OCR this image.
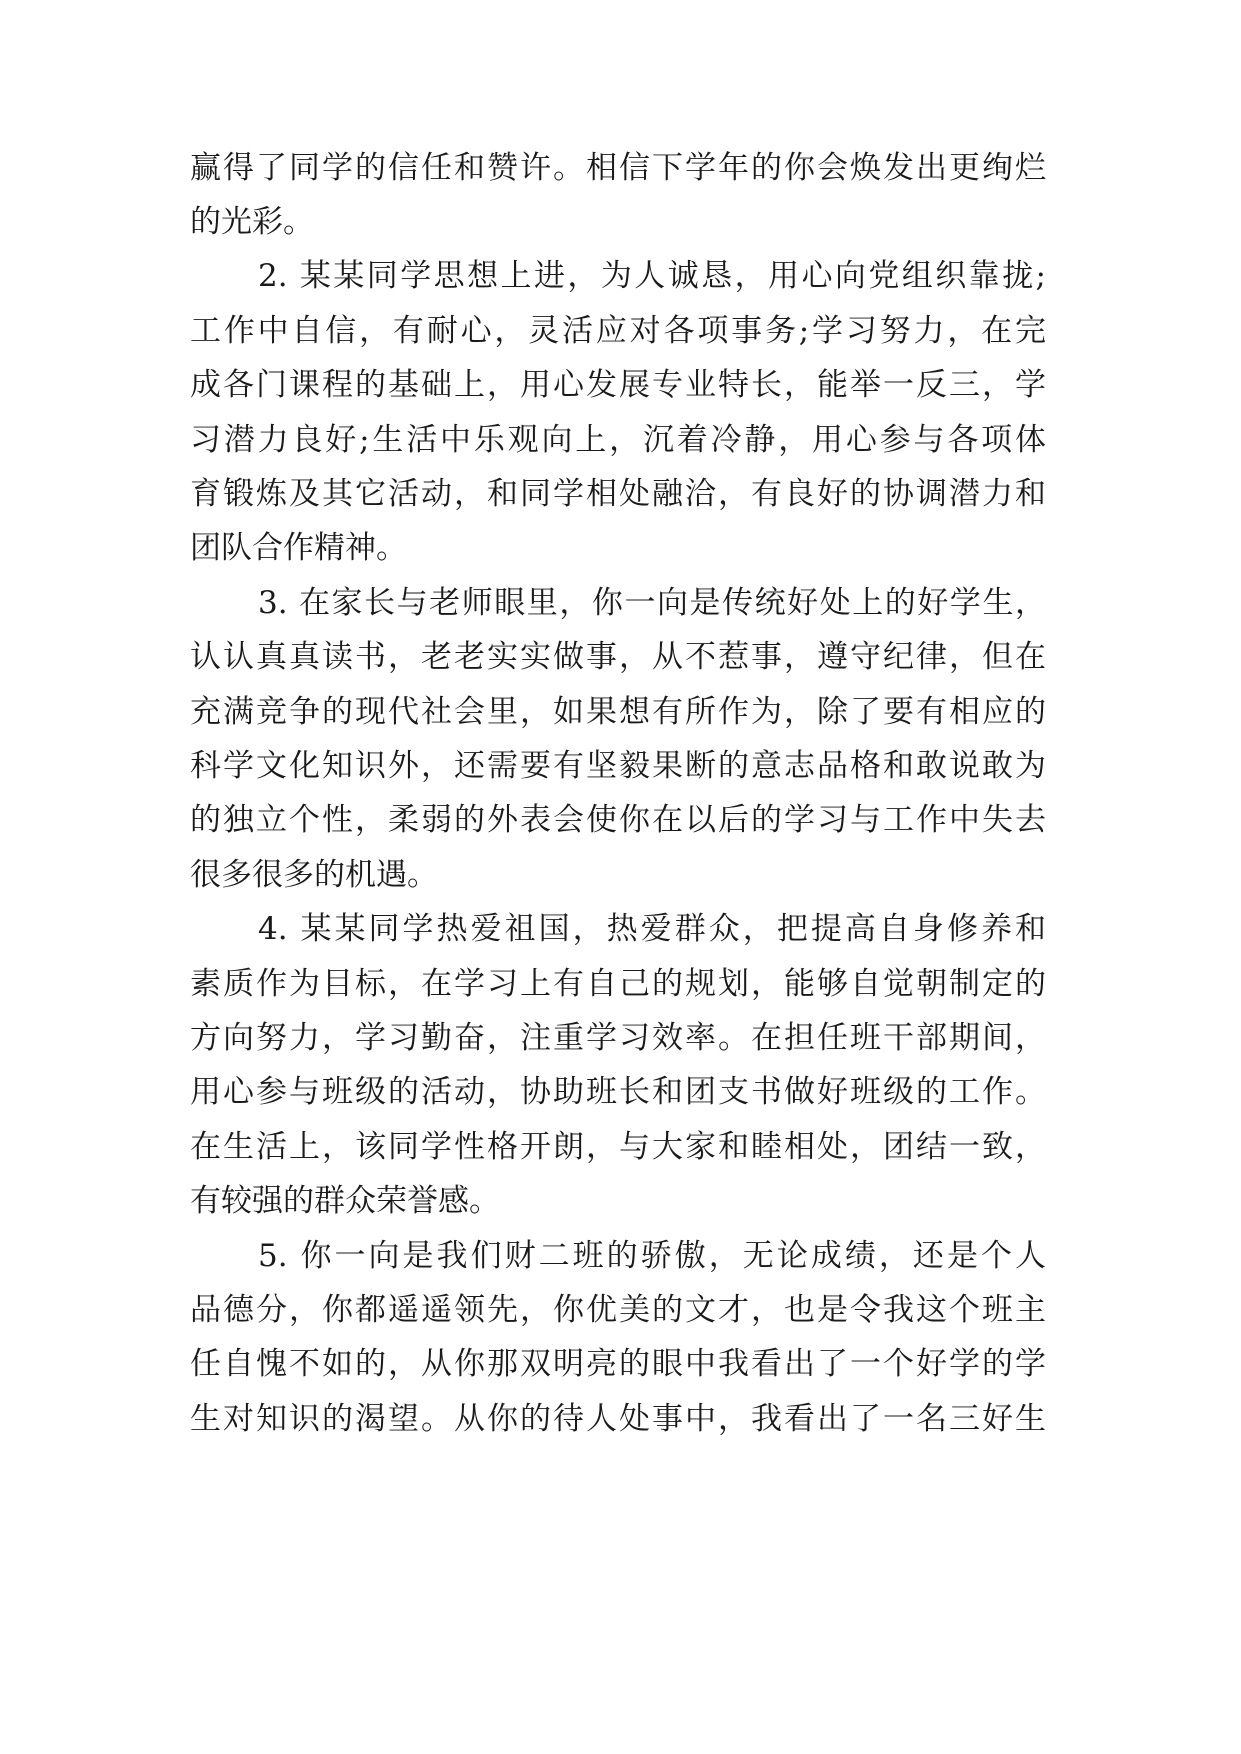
赢得了同学的信任和赞许。相信下学年的你会焕发出更绚烂
的光彩。
2. 某某同学思想上进，为人诚恳，用心向党组织靠拢;
工作中自信，有耐心，灵活应对各项事务;学习努力，在完
成各门课程的基础上，用心发展专业特长，能举一反三，学
习潜力良好;生活中乐观向上，沉着冷静，用心参与各项体
育锻炼及其它活动，和同学相处融洽，有良好的协调潜力和
团队合作精神。
3. 在家长与老师眼里，你一向是传统好处上的好学生，
认认真真读书，老老实实做事，从不惹事，遵守纪律，但在
充满竞争的现代社会里，如果想有所作为，除了要有相应的
科学文化知识外，还需要有坚毅果断的意志品格和敢说敢为
的独立个性，柔弱的外表会使你在以后的学习与工作中失去
很多很多的机遇。
4. 某某同学热爱祖国，热爱群众，把提高自身修养和
素质作为目标，在学习上有自己的规划，能够自觉朝制定的
方向努力，学习勤奋，注重学习效率。在担任班干部期间，
用心参与班级的活动，协助班长和团支书做好班级的工作。
在生活上，该同学性格开朗，与大家和睦相处，团结一致，
有较强的群众荣誉感。
5. 你一向是我们财二班的骄傲，无论成绩，还是个人
品德分，你都遥遥领先，你优美的文才，也是令我这个班主
任自愧不如的，从你那双明亮的眼中我看出了一个好学的学
生对知识的渴望。从你的待人处事中，我看出了一名三好生
